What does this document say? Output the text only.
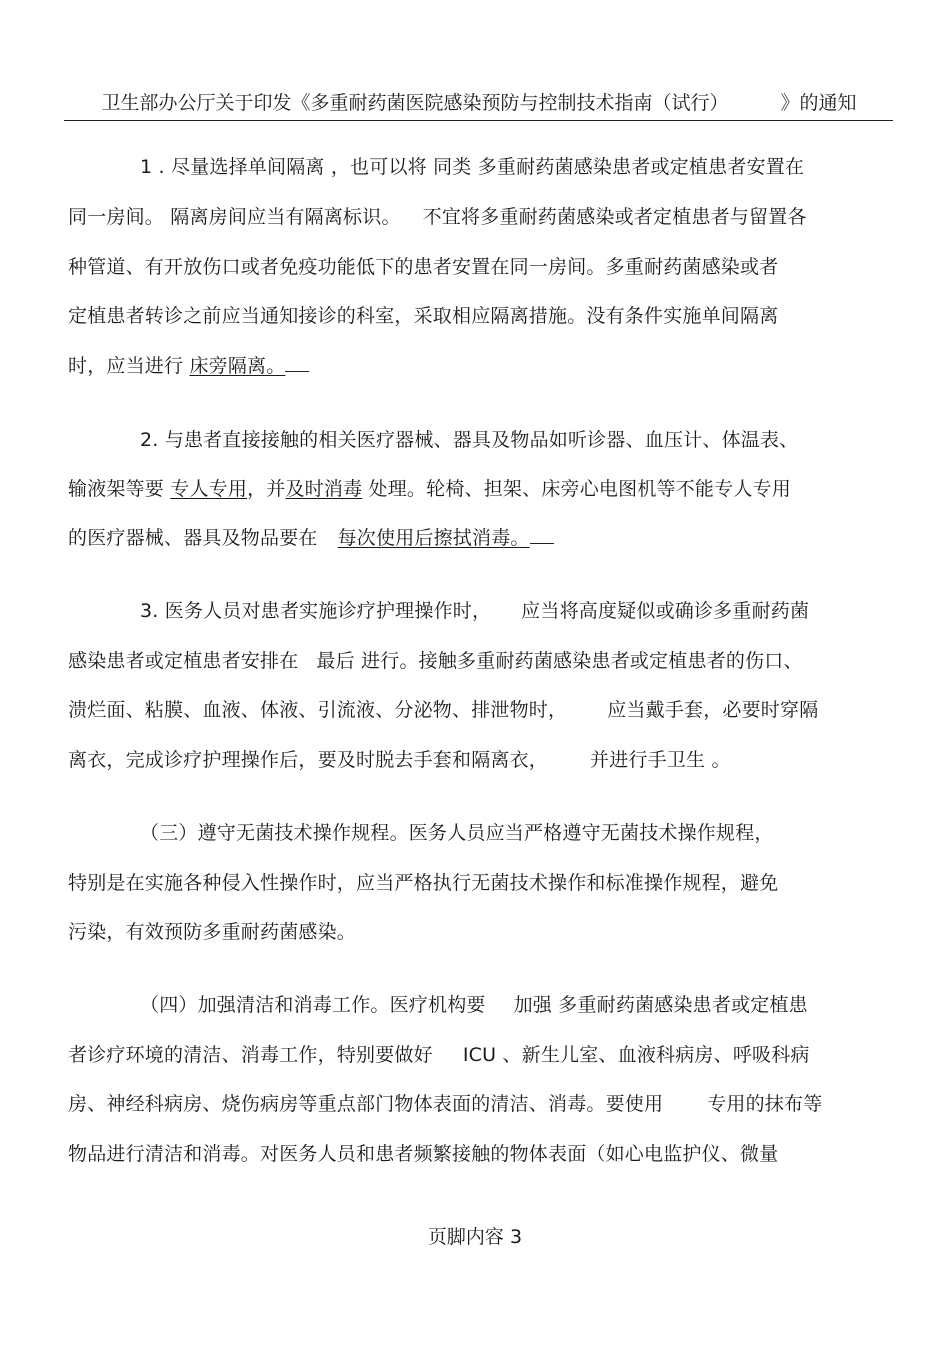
卫生部办公厅关于印发《多重耐药菌医院感染预防与控制技术指南（试行）	》的通知
1 . 尽量选择单间隔离 ，也可以将 同类 多重耐药菌感染患者或定植患者安置在
同一房间。 隔离房间应当有隔离标识。 不宜将多重耐药菌感染或者定植患者与留置各
种管道、有开放伤口或者免疫功能低下的患者安置在同一房间。多重耐药菌感染或者
定植患者转诊之前应当通知接诊的科室，采取相应隔离措施。没有条件实施单间隔离
时，应当进行 床旁隔离。
2. 与患者直接接触的相关医疗器械、器具及物品如听诊器、血压计、体温表、
输液架等要 专人专用，并及时消毒 处理。轮椅、担架、床旁心电图机等不能专人专用
的医疗器械、器具及物品要在 每次使用后擦拭消毒。
3. 医务人员对患者实施诊疗护理操作时， 应当将高度疑似或确诊多重耐药菌
感染患者或定植患者安排在 最后 进行。接触多重耐药菌感染患者或定植患者的伤口、
溃烂面、粘膜、血液、体液、引流液、分泌物、排泄物时， 应当戴手套，必要时穿隔
离衣，完成诊疗护理操作后，要及时脱去手套和隔离衣， 并进行手卫生 。
（三）遵守无菌技术操作规程。医务人员应当严格遵守无菌技术操作规程，
特别是在实施各种侵入性操作时，应当严格执行无菌技术操作和标准操作规程，避免
污染，有效预防多重耐药菌感染。
（四）加强清洁和消毒工作。医疗机构要 加强 多重耐药菌感染患者或定植患
者诊疗环境的清洁、消毒工作，特别要做好 ICU 、新生儿室、血液科病房、呼吸科病
房、神经科病房、烧伤病房等重点部门物体表面的清洁、消毒。要使用 专用的抹布等
物品进行清洁和消毒。对医务人员和患者频繁接触的物体表面（如心电监护仪、微量
页脚内容 3
